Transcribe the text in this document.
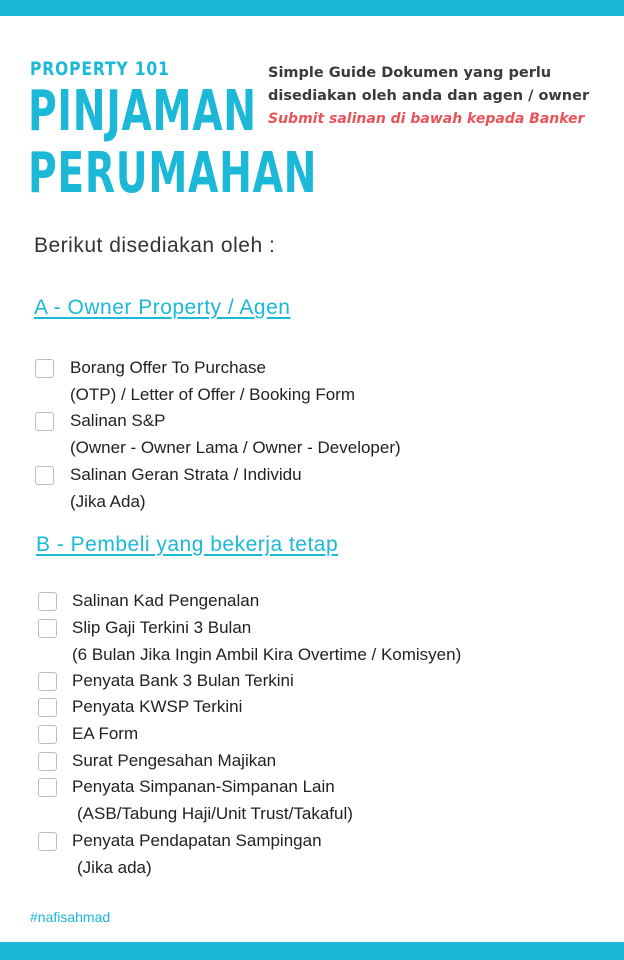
PROPERTY 101
PINJAMAN
PERUMAHAN
Simple Guide Dokumen yang perlu
disediakan oleh anda dan agen / owner
Submit salinan di bawah kepada Banker
Berikut disediakan oleh :
A - Owner Property / Agen
Borang Offer To Purchase
(OTP) / Letter of Offer / Booking Form
Salinan S&P
(Owner - Owner Lama / Owner - Developer)
Salinan Geran Strata / Individu
(Jika Ada)
B - Pembeli yang bekerja tetap
Salinan Kad Pengenalan
Slip Gaji Terkini 3 Bulan
(6 Bulan Jika Ingin Ambil Kira Overtime / Komisyen)
Penyata Bank 3 Bulan Terkini
Penyata KWSP Terkini
EA Form
Surat Pengesahan Majikan
Penyata Simpanan-Simpanan Lain
(ASB/Tabung Haji/Unit Trust/Takaful)
Penyata Pendapatan Sampingan
(Jika ada)
#nafisahmad
